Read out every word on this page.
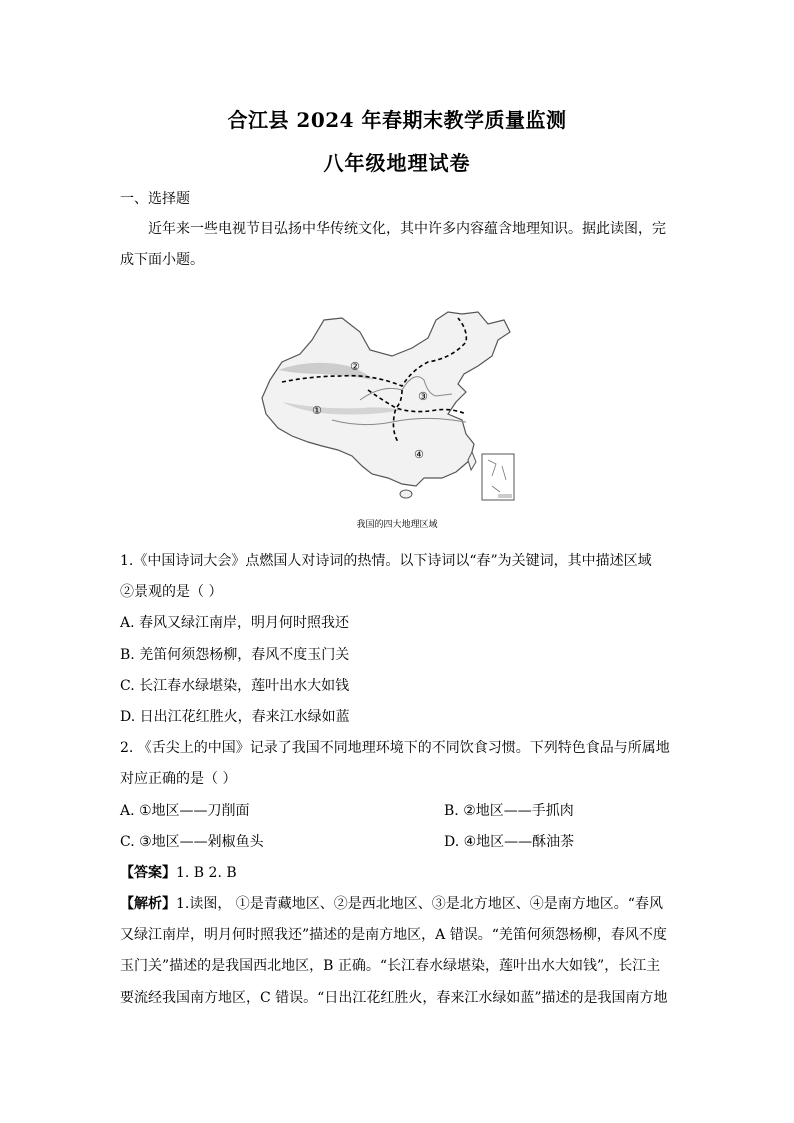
合江县 2024 年春期末教学质量监测
八年级地理试卷
一、选择题
近年来一些电视节目弘扬中华传统文化，其中许多内容蕴含地理知识。据此读图，完
成下面小题。
①
②
③
④
我国的四大地理区域
1.《中国诗词大会》点燃国人对诗词的热情。以下诗词以“春”为关键词，其中描述区域
②景观的是（ ）
A. 春风又绿江南岸，明月何时照我还
B. 羌笛何须怨杨柳，春风不度玉门关
C. 长江春水绿堪染，莲叶出水大如钱
D. 日出江花红胜火，春来江水绿如蓝
2. 《舌尖上的中国》记录了我国不同地理环境下的不同饮食习惯。下列特色食品与所属地
对应正确的是（ ）
A. ①地区——刀削面	B. ②地区——手抓肉
C. ③地区——剁椒鱼头	D. ④地区——酥油茶
【答案】1. B 2. B
【解析】1.读图， ①是青藏地区、②是西北地区、③是北方地区、④是南方地区。“春风
又绿江南岸，明月何时照我还”描述的是南方地区，A 错误。“羌笛何须怨杨柳，春风不度
玉门关”描述的是我国西北地区，B 正确。“长江春水绿堪染，莲叶出水大如钱”，长江主
要流经我国南方地区，C 错误。“日出江花红胜火，春来江水绿如蓝”描述的是我国南方地
